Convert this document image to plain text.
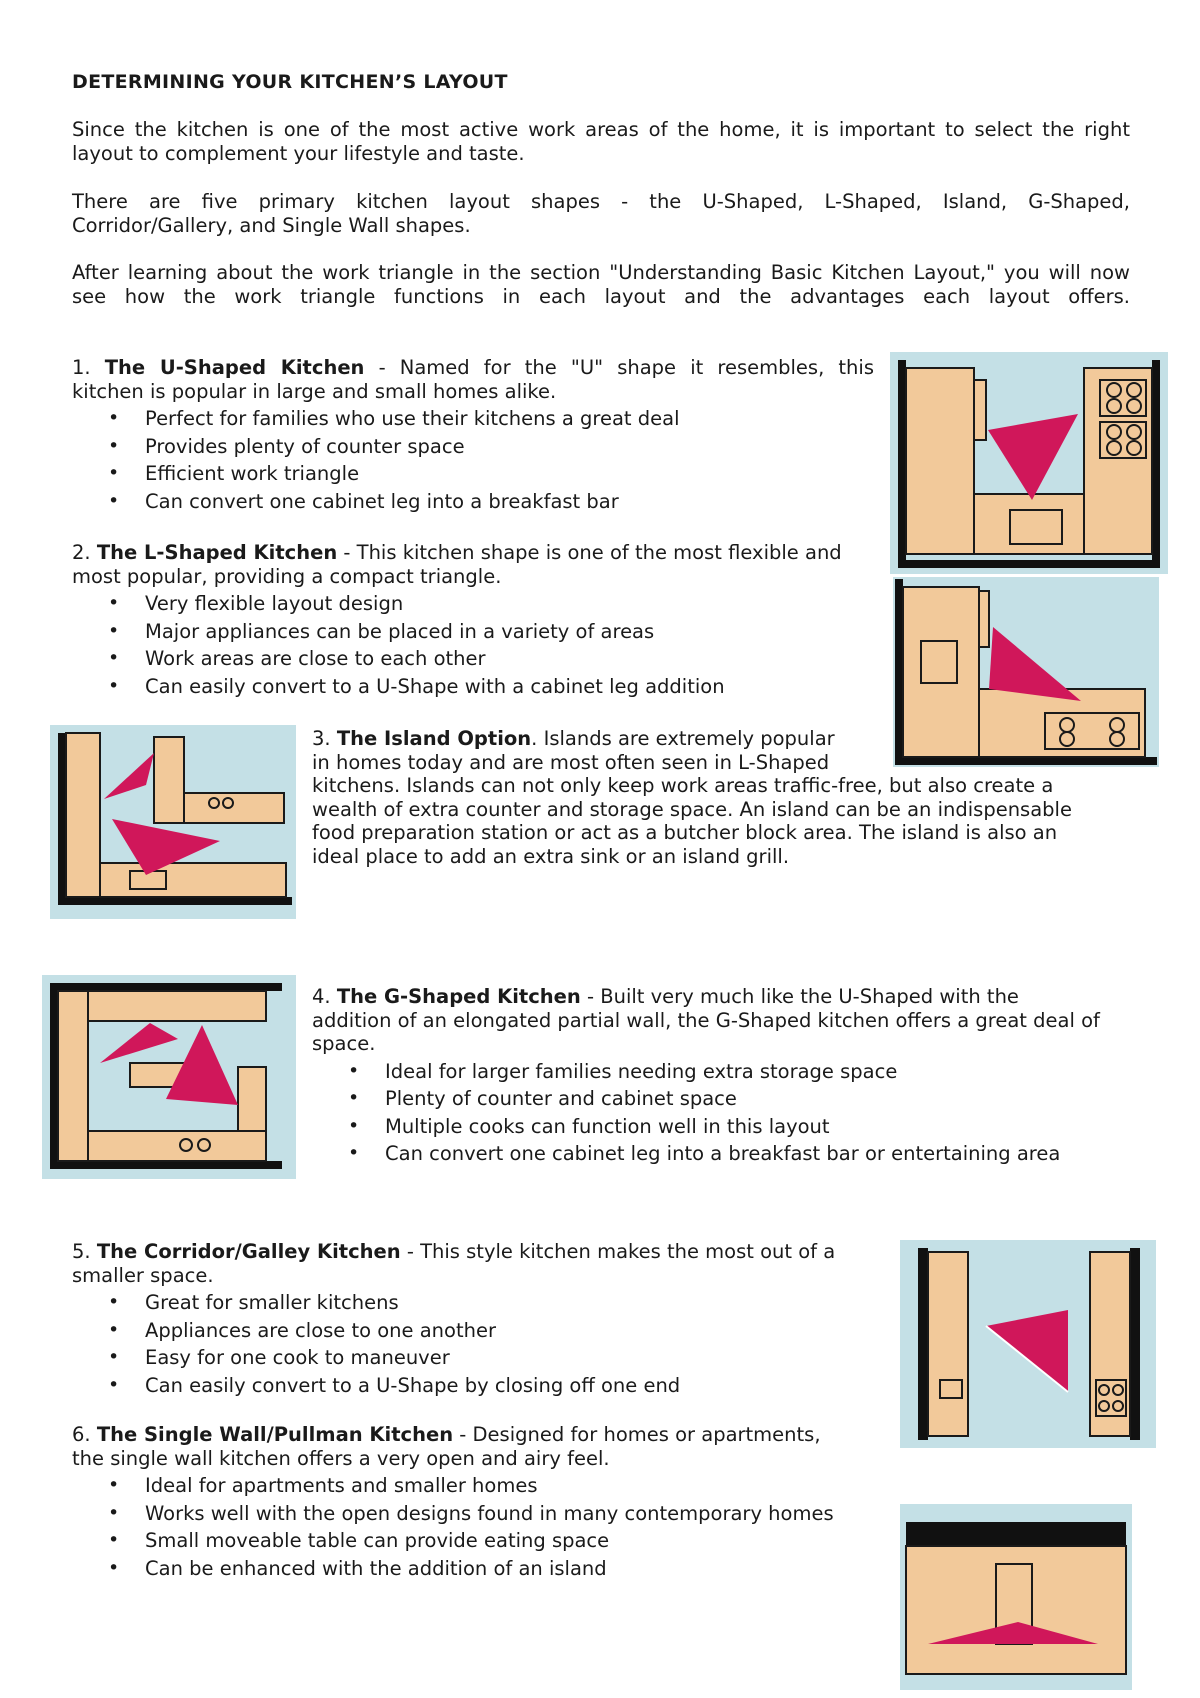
DETERMINING YOUR KITCHEN’S LAYOUT
Since the kitchen is one of the most active work areas of the home, it is important to select the right
layout to complement your lifestyle and taste.
There are five primary kitchen layout shapes - the U-Shaped, L-Shaped, Island, G-Shaped,
Corridor/Gallery, and Single Wall shapes.
After learning about the work triangle in the section "Understanding Basic Kitchen Layout," you will now
see how the work triangle functions in each layout and the advantages each layout offers.
1. The U-Shaped Kitchen - Named for the "U" shape it resembles, this
kitchen is popular in large and small homes alike.
• Perfect for families who use their kitchens a great deal
• Provides plenty of counter space
• Efficient work triangle
• Can convert one cabinet leg into a breakfast bar
2. The L-Shaped Kitchen - This kitchen shape is one of the most flexible and
most popular, providing a compact triangle.
• Very flexible layout design
• Major appliances can be placed in a variety of areas
• Work areas are close to each other
• Can easily convert to a U-Shape with a cabinet leg addition
3. The Island Option. Islands are extremely popular
in homes today and are most often seen in L-Shaped
kitchens. Islands can not only keep work areas traffic-free, but also create a
wealth of extra counter and storage space. An island can be an indispensable
food preparation station or act as a butcher block area. The island is also an
ideal place to add an extra sink or an island grill.
4. The G-Shaped Kitchen - Built very much like the U-Shaped with the
addition of an elongated partial wall, the G-Shaped kitchen offers a great deal of
space.
• Ideal for larger families needing extra storage space
• Plenty of counter and cabinet space
• Multiple cooks can function well in this layout
• Can convert one cabinet leg into a breakfast bar or entertaining area
5. The Corridor/Galley Kitchen - This style kitchen makes the most out of a
smaller space.
• Great for smaller kitchens
• Appliances are close to one another
• Easy for one cook to maneuver
• Can easily convert to a U-Shape by closing off one end
6. The Single Wall/Pullman Kitchen - Designed for homes or apartments,
the single wall kitchen offers a very open and airy feel.
• Ideal for apartments and smaller homes
• Works well with the open designs found in many contemporary homes
• Small moveable table can provide eating space
• Can be enhanced with the addition of an island
